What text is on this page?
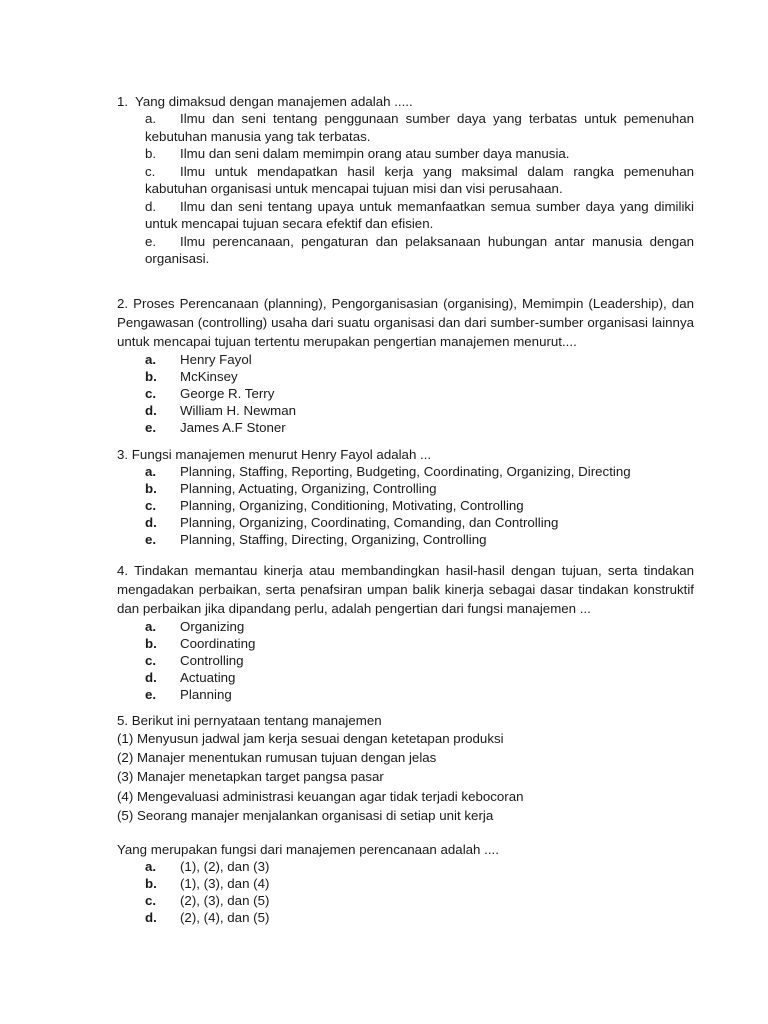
1. Yang dimaksud dengan manajemen adalah .....

a. Ilmu dan seni tentang penggunaan sumber daya yang terbatas untuk pemenuhan kebutuhan manusia yang tak terbatas.
b. Ilmu dan seni dalam memimpin orang atau sumber daya manusia.
c. Ilmu untuk mendapatkan hasil kerja yang maksimal dalam rangka pemenuhan kabutuhan organisasi untuk mencapai tujuan misi dan visi perusahaan.
d. Ilmu dan seni tentang upaya untuk memanfaatkan semua sumber daya yang dimiliki untuk mencapai tujuan secara efektif dan efisien.
e. Ilmu perencanaan, pengaturan dan pelaksanaan hubungan antar manusia dengan organisasi.

2. Proses Perencanaan (planning), Pengorganisasian (organising), Memimpin (Leadership), dan Pengawasan (controlling) usaha dari suatu organisasi dan dari sumber-sumber organisasi lainnya untuk mencapai tujuan tertentu merupakan pengertian manajemen menurut....

a. Henry Fayol
b. McKinsey
c. George R. Terry
d. William H. Newman
e. James A.F Stoner

3. Fungsi manajemen menurut Henry Fayol adalah ...

a. Planning, Staffing, Reporting, Budgeting, Coordinating, Organizing, Directing
b. Planning, Actuating, Organizing, Controlling
c. Planning, Organizing, Conditioning, Motivating, Controlling
d. Planning, Organizing, Coordinating, Comanding, dan Controlling
e. Planning, Staffing, Directing, Organizing, Controlling

4. Tindakan memantau kinerja atau membandingkan hasil-hasil dengan tujuan, serta tindakan mengadakan perbaikan, serta penafsiran umpan balik kinerja sebagai dasar tindakan konstruktif dan perbaikan jika dipandang perlu, adalah pengertian dari fungsi manajemen ...

a. Organizing
b. Coordinating
c. Controlling
d. Actuating
e. Planning

5. Berikut ini pernyataan tentang manajemen

(1) Menyusun jadwal jam kerja sesuai dengan ketetapan produksi
(2) Manajer menentukan rumusan tujuan dengan jelas
(3) Manajer menetapkan target pangsa pasar
(4) Mengevaluasi administrasi keuangan agar tidak terjadi kebocoran
(5) Seorang manajer menjalankan organisasi di setiap unit kerja

Yang merupakan fungsi dari manajemen perencanaan adalah ....

a. (1), (2), dan (3)
b. (1), (3), dan (4)
c. (2), (3), dan (5)
d. (2), (4), dan (5)
